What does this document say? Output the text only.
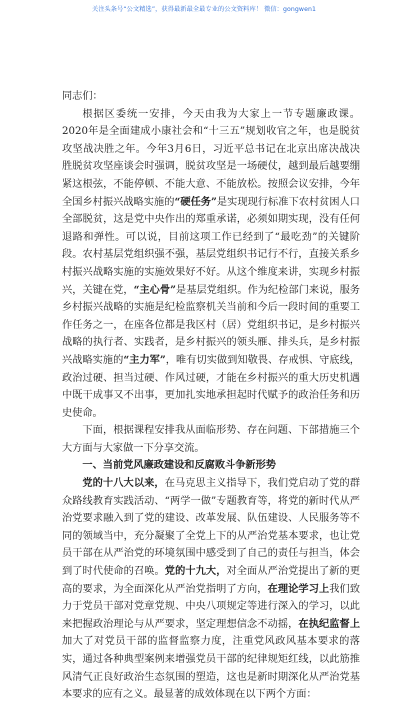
关注头条号“公文精选”，获得最新最全最专业的公文资料库！ 微信：gongwen1

同志们：

根据区委统一安排，今天由我为大家上一节专题廉政课。2020年是全面建成小康社会和“十三五”规划收官之年，也是脱贫攻坚战决胜之年。今年3月6日，习近平总书记在北京出席决战决胜脱贫攻坚座谈会时强调，脱贫攻坚是一场硬仗，越到最后越要绷紧这根弦，不能停顿、不能大意、不能放松。按照会议安排，今年全国乡村振兴战略实施的“硬任务”是实现现行标准下农村贫困人口全部脱贫，这是党中央作出的郑重承诺，必须如期实现，没有任何退路和弹性。可以说，目前这项工作已经到了“最吃劲”的关键阶段。农村基层党组织强不强，基层党组织书记行不行，直接关系乡村振兴战略实施的实施效果好不好。从这个维度来讲，实现乡村振兴，关键在党，“主心骨”是基层党组织。作为纪检部门来说，服务乡村振兴战略的实施是纪检监察机关当前和今后一段时间的重要工作任务之一，在座各位都是我区村（居）党组织书记，是乡村振兴战略的执行者、实践者，是乡村振兴的领头雁、排头兵，是乡村振兴战略实施的“主力军”，唯有切实做到知敬畏、存戒惧、守底线，政治过硬、担当过硬、作风过硬，才能在乡村振兴的重大历史机遇中既干成事又不出事，更加扎实地承担起时代赋予的政治任务和历史使命。

下面，根据课程安排我从面临形势、存在问题、下部措施三个大方面与大家做一下分享交流。

一、当前党风廉政建设和反腐败斗争新形势

党的十八大以来，在马克思主义指导下，我们党启动了党的群众路线教育实践活动、“两学一做”专题教育等，将党的新时代从严治党要求融入到了党的建设、改革发展、队伍建设、人民服务等不同的领域当中，充分凝聚了全党上下的从严治党基本要求，也让党员干部在从严治党的环境氛围中感受到了自己的责任与担当，体会到了时代使命的召唤。党的十九大，对全面从严治党提出了新的更高的要求，为全面深化从严治党指明了方向，在理论学习上我们致力于党员干部对党章党规、中央八项规定等进行深入的学习，以此来把握政治理论与从严要求，坚定理想信念不动摇，在执纪监督上加大了对党员干部的监督监察力度，注重党风政风基本要求的落实，通过各种典型案例来增强党员干部的纪律规矩红线，以此筋推风清气正良好政治生态氛围的塑造，这也是新时期深化从严治党基本要求的应有之义。最显著的成效体现在以下两个方面：
